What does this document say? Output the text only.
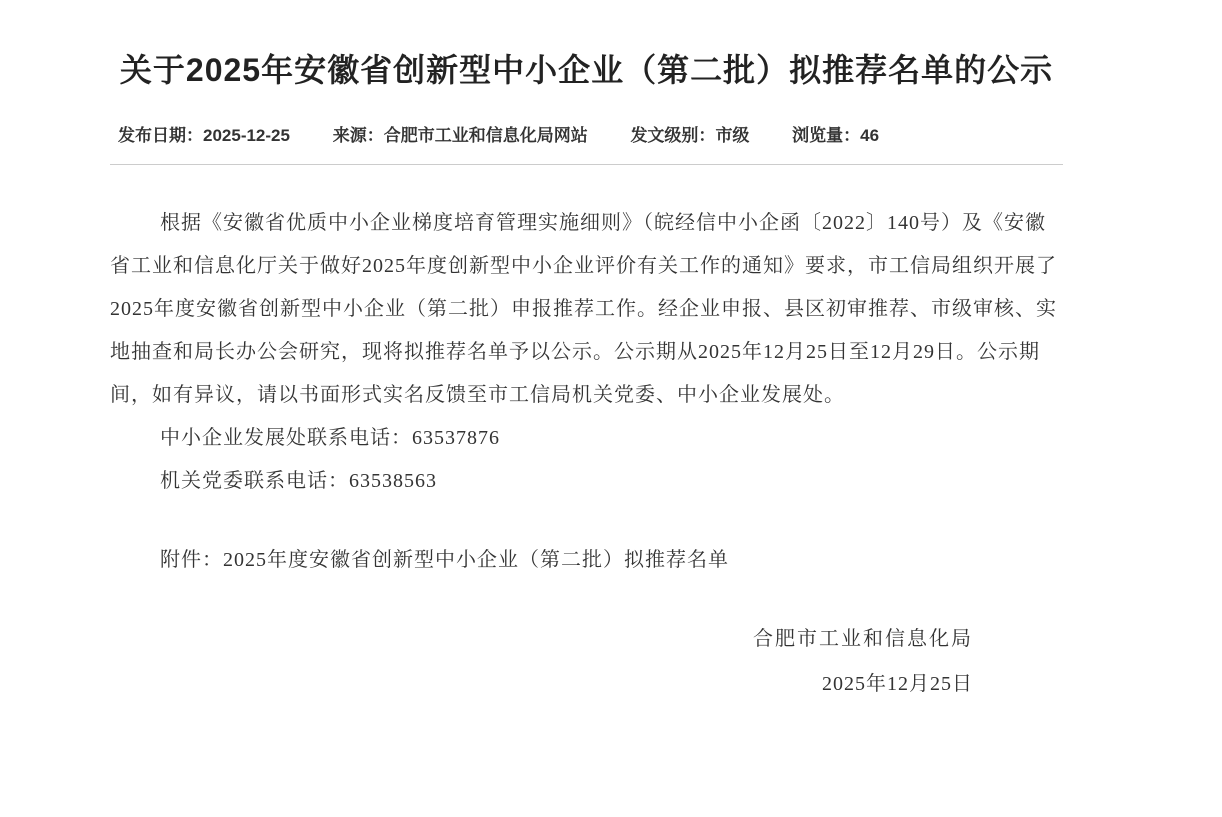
关于2025年安徽省创新型中小企业（第二批）拟推荐名单的公示
发布日期：2025-12-25	来源：合肥市工业和信息化局网站	发文级别：市级	浏览量：46

根据《安徽省优质中小企业梯度培育管理实施细则》（皖经信中小企函〔2022〕140号）及《安徽省工业和信息化厅关于做好2025年度创新型中小企业评价有关工作的通知》要求，市工信局组织开展了2025年度安徽省创新型中小企业（第二批）申报推荐工作。经企业申报、县区初审推荐、市级审核、实地抽查和局长办公会研究，现将拟推荐名单予以公示。公示期从2025年12月25日至12月29日。公示期间，如有异议，请以书面形式实名反馈至市工信局机关党委、中小企业发展处。

中小企业发展处联系电话：63537876

机关党委联系电话：63538563

附件：2025年度安徽省创新型中小企业（第二批）拟推荐名单

合肥市工业和信息化局

2025年12月25日
